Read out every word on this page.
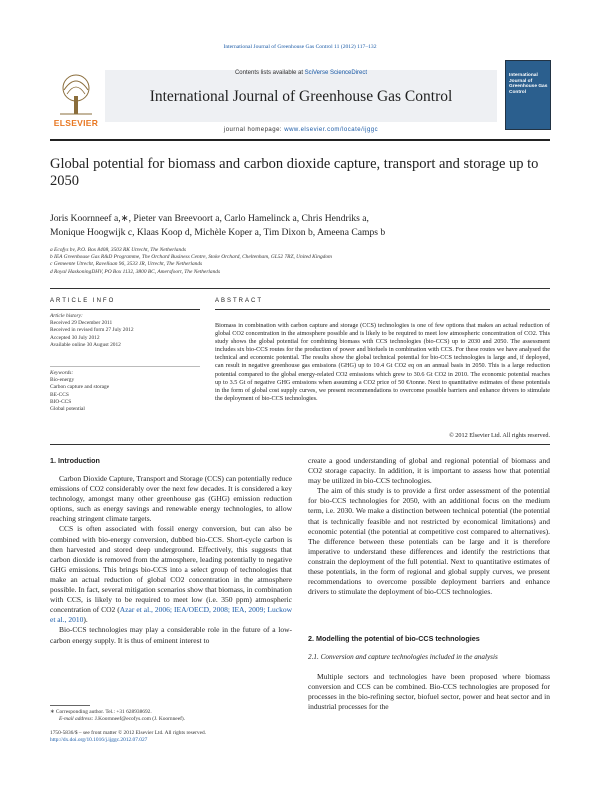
International Journal of Greenhouse Gas Control 11 (2012) 117–132
ELSEVIER
Contents lists available at SciVerse ScienceDirect
International Journal of Greenhouse Gas Control
journal homepage: www.elsevier.com/locate/ijggc
International Journal of Greenhouse Gas Control
Global potential for biomass and carbon dioxide capture, transport and storage up to 2050
Joris Koornneef a,∗, Pieter van Breevoort a, Carlo Hamelinck a, Chris Hendriks a,
Monique Hoogwijk c, Klaas Koop d, Michèle Koper a, Tim Dixon b, Ameena Camps b
a Ecofys bv, P.O. Box 8408, 3503 RK Utrecht, The Netherlands
b IEA Greenhouse Gas R&D Programme, The Orchard Business Centre, Stoke Orchard, Cheltenham, GL52 7RZ, United Kingdom
c Gemeente Utrecht, Ravellaan 96, 3533 JR, Utrecht, The Netherlands
d Royal HaskoningDHV, PO Box 1132, 3800 BC, Amersfoort, The Netherlands
ARTICLE INFO
Article history:
Received 29 December 2011
Received in revised form 27 July 2012
Accepted 30 July 2012
Available online 30 August 2012
Keywords:
Bio-energy
Carbon capture and storage
BE-CCS
BIO-CCS
Global potential
ABSTRACT
Biomass in combination with carbon capture and storage (CCS) technologies is one of few options that makes an actual reduction of global CO2 concentration in the atmosphere possible and is likely to be required to meet low atmospheric concentration of CO2. This study shows the global potential for combining biomass with CCS technologies (bio-CCS) up to 2030 and 2050. The assessment includes six bio-CCS routes for the production of power and biofuels in combination with CCS. For these routes we have analysed the technical and economic potential. The results show the global technical potential for bio-CCS technologies is large and, if deployed, can result in negative greenhouse gas emissions (GHG) up to 10.4 Gt CO2 eq on an annual basis in 2050. This is a large reduction potential compared to the global energy-related CO2 emissions which grew to 30.6 Gt CO2 in 2010. The economic potential reaches up to 3.5 Gt of negative GHG emissions when assuming a CO2 price of 50 €/tonne. Next to quantitative estimates of these potentials in the form of global cost supply curves, we present recommendations to overcome possible barriers and enhance drivers to stimulate the deployment of bio-CCS technologies.
© 2012 Elsevier Ltd. All rights reserved.
1. Introduction

Carbon Dioxide Capture, Transport and Storage (CCS) can potentially reduce emissions of CO2 considerably over the next few decades. It is considered a key technology, amongst many other greenhouse gas (GHG) emission reduction options, such as energy savings and renewable energy technologies, to allow reaching stringent climate targets.

CCS is often associated with fossil energy conversion, but can also be combined with bio-energy conversion, dubbed bio-CCS. Short-cycle carbon is then harvested and stored deep underground. Effectively, this suggests that carbon dioxide is removed from the atmosphere, leading potentially to negative GHG emissions. This brings bio-CCS into a select group of technologies that make an actual reduction of global CO2 concentration in the atmosphere possible. In fact, several mitigation scenarios show that biomass, in combination with CCS, is likely to be required to meet low (i.e. 350 ppm) atmospheric concentration of CO2 (Azar et al., 2006; IEA/OECD, 2008; IEA, 2009; Luckow et al., 2010).

Bio-CCS technologies may play a considerable role in the future of a low- carbon energy supply. It is thus of eminent interest to

create a good understanding of global and regional potential of biomass and CO2 storage capacity. In addition, it is important to assess how that potential may be utilized in bio-CCS technologies.

The aim of this study is to provide a first order assessment of the potential for bio-CCS technologies for 2050, with an additional focus on the medium term, i.e. 2030. We make a distinction between technical potential (the potential that is technically feasible and not restricted by economical limitations) and economic potential (the potential at competitive cost compared to alternatives). The difference between these potentials can be large and it is therefore imperative to understand these differences and identify the restrictions that constrain the deployment of the full potential. Next to quantitative estimates of these potentials, in the form of regional and global supply curves, we present recommendations to overcome possible deployment barriers and enhance drivers to stimulate the deployment of bio-CCS technologies.

2. Modelling the potential of bio-CCS technologies
2.1. Conversion and capture technologies included in the analysis

Multiple sectors and technologies have been proposed where biomass conversion and CCS can be combined. Bio-CCS technologies are proposed for processes in the bio-refining sector, biofuel sector, power and heat sector and in industrial processes for the

∗ Corresponding author. Tel.: +31 628938692.
E-mail address: J.Koornneef@ecofys.com (J. Koornneef).
1750-5836/$ – see front matter © 2012 Elsevier Ltd. All rights reserved.
http://dx.doi.org/10.1016/j.ijggc.2012.07.027
